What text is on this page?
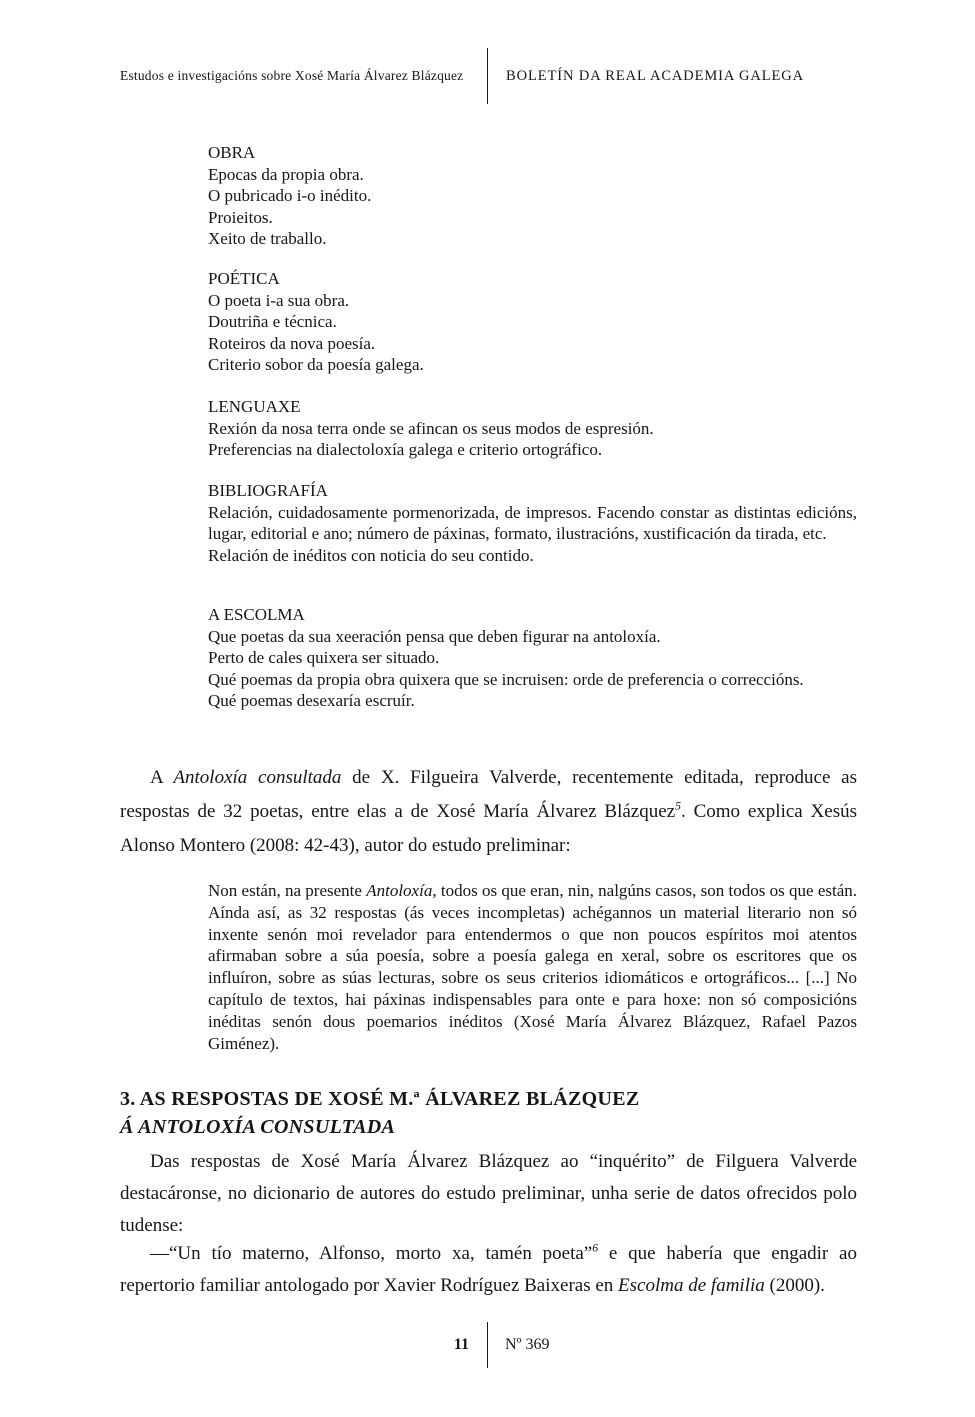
Estudos e investigacións sobre Xosé María Álvarez Blázquez	BOLETÍN DA REAL ACADEMIA GALEGA

OBRA

Epocas da propia obra.

O pubricado i-o inédito.

Proieitos.

Xeito de traballo.

POÉTICA

O poeta i-a sua obra.

Doutriña e técnica.

Roteiros da nova poesía.

Criterio sobor da poesía galega.

LENGUAXE

Rexión da nosa terra onde se afincan os seus modos de espresión.

Preferencias na dialectoloxía galega e criterio ortográfico.

BIBLIOGRAFÍA

Relación, cuidadosamente pormenorizada, de impresos. Facendo constar as distintas edicións, lugar, editorial e ano; número de páxinas, formato, ilustracións, xustificación da tirada, etc.

Relación de inéditos con noticia do seu contido.

A ESCOLMA

Que poetas da sua xeeración pensa que deben figurar na antoloxía.

Perto de cales quixera ser situado.

Qué poemas da propia obra quixera que se incruisen: orde de preferencia o correccións.

Qué poemas desexaría escruír.

A Antoloxía consultada de X. Filgueira Valverde, recentemente editada, reproduce as respostas de 32 poetas, entre elas a de Xosé María Álvarez Blázquez$^5$. Como explica Xesús Alonso Montero (2008: 42-43), autor do estudo preliminar:

Non están, na presente Antoloxía, todos os que eran, nin, nalgúns casos, son todos os que están. Aínda así, as 32 respostas (ás veces incompletas) achégannos un material literario non só inxente senón moi revelador para entendermos o que non poucos espíritos moi atentos afirmaban sobre a súa poesía, sobre a poesía galega en xeral, sobre os escritores que os influíron, sobre as súas lecturas, sobre os seus criterios idiomáticos e ortográficos... [...] No capítulo de textos, hai páxinas indispensables para onte e para hoxe: non só composicións inéditas senón dous poemarios inéditos (Xosé María Álvarez Blázquez, Rafael Pazos Giménez).
3. AS RESPOSTAS DE XOSÉ M.ª ÁLVAREZ BLÁZQUEZ
Á ANTOLOXÍA CONSULTADA

Das respostas de Xosé María Álvarez Blázquez ao “inquérito” de Filguera Valverde destacáronse, no dicionario de autores do estudo preliminar, unha serie de datos ofrecidos polo tudense:

—“Un tío materno, Alfonso, morto xa, tamén poeta”$^6$ e que habería que engadir ao repertorio familiar antologado por Xavier Rodríguez Baixeras en Escolma de familia (2000).

11	Nº 369
